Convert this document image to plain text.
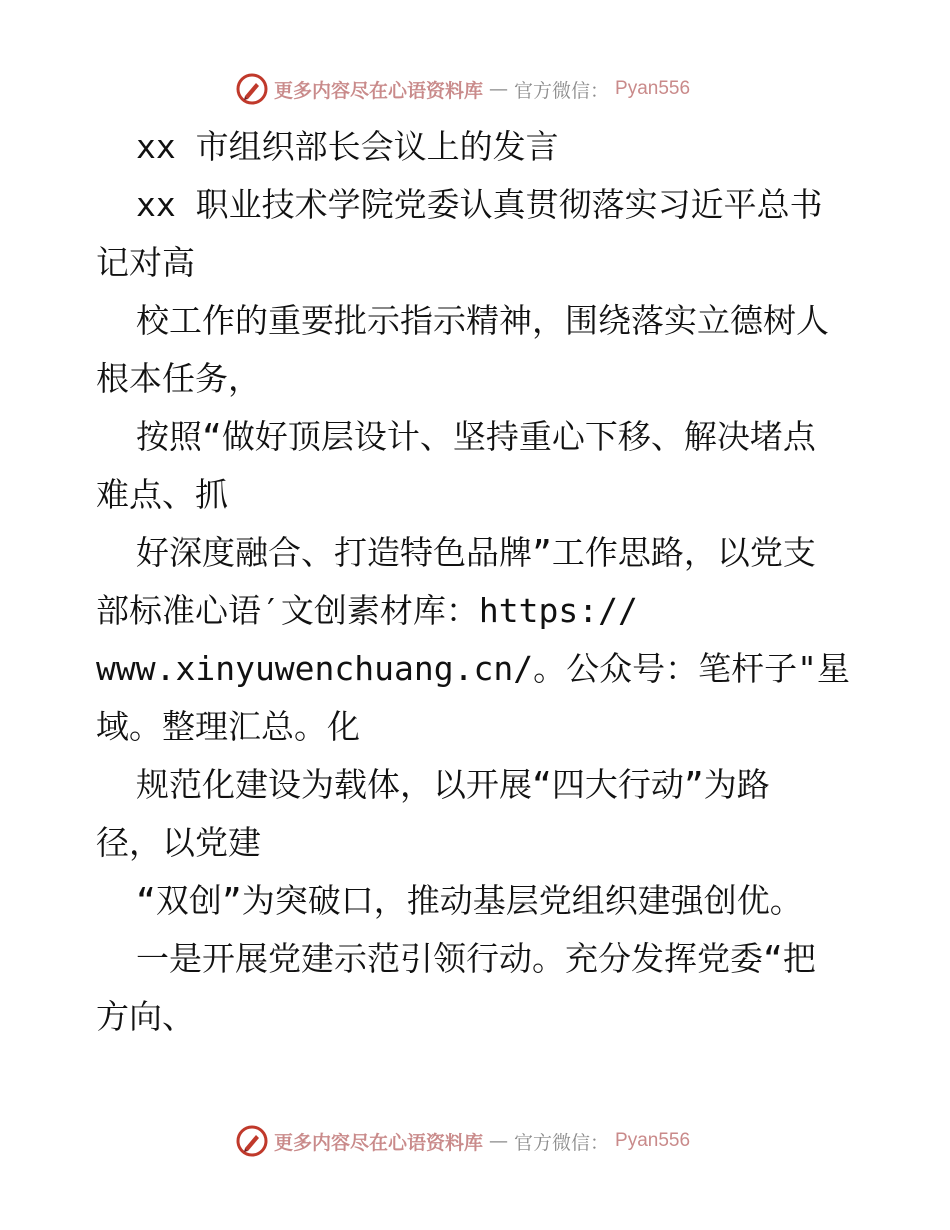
更多内容尽在心语资料库 — 官方微信： Pyan556
xx 市组织部长会议上的发言
xx 职业技术学院党委认真贯彻落实习近平总书
记对高
校工作的重要批示指示精神，围绕落实立德树人
根本任务，
按照“做好顶层设计、坚持重心下移、解决堵点
难点、抓
好深度融合、打造特色品牌”工作思路，以党支
部标准心语′文创素材库：https://
www.xinyuwenchuang.cn/。公众号：笔杆子"星
域。整理汇总。化
规范化建设为载体，以开展“四大行动”为路
径，以党建
“双创”为突破口，推动基层党组织建强创优。
一是开展党建示范引领行动。充分发挥党委“把
方向、
更多内容尽在心语资料库 — 官方微信： Pyan556
